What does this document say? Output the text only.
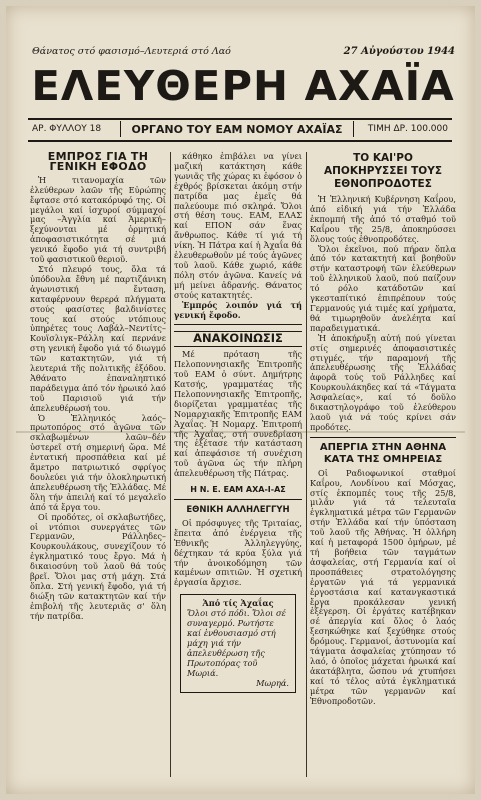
Θάνατος στό φασισμό–Λευτεριά στό Λαό	27 Αὐγούστου 1944
ΕΛΕΥΘΕΡΗ ΑΧΑΪΑ
ΑΡ. ΦΥΛΛΟΥ 18	ΟΡΓΑΝΟ ΤΟΥ ΕΑΜ ΝΟΜΟΥ ΑΧΑΪΑΣ	ΤΙΜΗ ΔΡ. 100.000
ΕΜΠΡΟΣ ΓΙΑ ΤΗ ΓΕΝΙΚΗ ΕΦΟΔΟ

Ἡ τιτανομαχία τῶν ἐλεύθερων λαῶν τῆς Εὐρώπης ἔφτασε στό κατακόρυφό της. Οἱ μεγάλοι καί ἰσχυροί σύμμαχοί μας –Ἀγγλία καί Ἀμερική– ξεχύνονται μέ ὁρμητική ἀποφασιστικότητα σέ μιά γενικό ἔφοδο γιά τή συντριβή τοῦ φασιστικοῦ θεριοῦ.

Στό πλευρό τους, ὅλα τά ὑπόδουλα ἔθνη μέ παρτιζάνικη ἀγωνιστική ἔνταση, καταφέρνουν θερερά πλήγματα στούς φασίστες βαλδινίστες τους καί στούς ντόπιους ὑπηρέτες τους Λαβάλ–Νεντίτς–Κουϊσλιγκ–Ράλλη καί περνάνε στη γενική ἔφοδο γιά τό διωγμό τῶν κατακτητῶν, γιά τή λευτεριά τῆς πολιτικῆς ἐξόδου. Ἀθάνατο ἐπαναληπτικό παράδειγμα ἀπό τόν ἡρωικό λαό τοῦ Παρισιοῦ γιά τήν ἀπελευθέρωσή του.

Ὁ Ἑλληνικός λαός–πρωτοπόρος στό ἀγῶνα τῶν σκλαβωμένων λαῶν–δέν ὑστερεῖ στή σημερινή ὥρα. Μέ ἐντατική προσπάθεια καί μέ ἄμετρο πατριωτικό σφρίγος δουλεύει γιά τήν ὁλοκληρωτική ἀπελευθέρωση τῆς Ἑλλάδας. Μέ ὅλη τήν ἀπειλή καί τό μεγαλεῖο ἀπό τά ἔργα του.

Οἱ προδότες, οἱ σκλαβωτήδες, οἱ ντόπιοι συνεργάτες τῶν Γερμανῶν, Ράλληδες–Κουρκουλάκους, συνεχίζουν τό ἐγκληματικό τους ἔργο. Μά ἡ δικαιοσύνη τοῦ λαοῦ θά τούς βρεῖ. Ὅλοι μας στή μάχη. Στά ὅπλα. Στή γενική ἔφοδο, γιά τή διώξη τῶν κατακτητῶν καί τήν ἐπιβολή τῆς λευτεριᾶς σ' ὅλη τήν πατρίδα.

κάθηκο ἐπιβάλει να γίνει μαζική κατάκτηση κάθε γωνιᾶς τῆς χώρας κι ἐφόσον ὁ ἐχθρός βρίσκεται ἀκόμη στήν πατρίδα μας ἐμεῖς θά παλεύουμε πιό σκληρά. Ὅλοι στή θέση τους. ΕΑΜ, ΕΛΑΣ καί ΕΠΟΝ σάν ἕνας ἄνθρωπος. Κάθε τί γιά τή νίκη. Ἡ Πάτρα καί ἡ Ἀχαΐα θά ἐλευθερωθοῦν μέ τούς ἀγῶνες τοῦ λαοῦ. Κάθε χωριό, κάθε πόλη στόν ἀγῶνα. Κανείς νά μή μείνει ἀδρανής. Θάνατος στούς κατακτητές.

Ἐμπρός λοιπόν γιά τή γενική ἔφοδο.

ΑΝΑΚΟΙΝΩΣΙΣ

Μέ πρόταση τῆς Πελοποννησιακῆς Ἐπιτροπῆς τοῦ ΕΑΜ ὁ σύντ. Δημήτρης Κατσής, γραμματέας τῆς Πελοποννησιακῆς Ἐπιτροπῆς, διορίζεται γραμματέας τῆς Νομαρχιακῆς Ἐπιτροπῆς ΕΑΜ Ἀχαΐας. Ἡ Νομαρχ. Ἐπιτροπή τῆς Ἀχαΐας, στή συνεδρίαση της ἐξέτασε τήν κατάσταση καί ἀπεφάσισε τή συνέχιση τοῦ ἀγῶνα ὡς τήν πλήρη ἀπελευθέρωση τῆς Πάτρας.

Η Ν. Ε. ΕΑΜ ΑΧΑ-Ι-ΑΣ
ΕΘΝΙΚΗ ΑΛΛΗΛΕΓΓΥΗ

Οἱ πρόσφυγες τῆς Τριταίας, ἔπειτα ἀπό ἐνέργεια τῆς Ἐθνικῆς Ἀλληλεγγύης, δέχτηκαν τά κρύα ξύλα γιά τήν ἀνοικοδόμηση τῶν καμένων σπιτιῶν. Ἡ σχετική ἐργασία ἄρχισε.

Ἀπό τίς Ἀχαΐας
Ὅλοι στό πόδι. Ὅλοι σέ συναγερμό. Ρωτήστε καί ἐνθουσιασμό στή μάχη γιά τήν ἀπελευθέρωση τῆς Πρωτοπόρας τοῦ Μωριά.
Μωρηά.
ΤΟ ΚΑΙ'ΡΟ ΑΠΟΚΗΡΥΣΣΕΙ ΤΟΥΣ ΕΘΝΟΠΡΟΔΟΤΕΣ

Ἡ Ἑλληνική Κυβέρνηση Καΐρου, ἀπό εἰδική γιά τήν Ἑλλάδα ἐκπομπή τῆς ἀπό τό σταθμό τοῦ Καΐρου τῆς 25/8, ἀποκηρύσσει ὅλους τούς ἐθνοπροδότες.

Ὅλοι ἐκεῖνοι, πού πήραν ὅπλα ἀπό τόν κατακτητή καί βοηθοῦν στήν καταστροφή τῶν ἐλεύθερων τοῦ ἑλληνικοῦ λαοῦ, πού παίζουν τό ρόλο κατάδοτῶν καί γκεσταπίτικό ἐπιπρέπουν τούς Γερμανούς γιά τιμές καί χρήματα, θά τιμωρηθοῦν ἀνελέητα καί παραδειγματικά.

Ἡ ἀποκήρυξη αὐτή πού γίνεται στίς σημερινές ἀποφασιστικές στιγμές, τήν παραμονή τῆς ἀπελευθέρωσης τῆς Ἑλλάδας ἀφορᾶ τούς τοῦ Ράλληδες καί Κουρκουλάκηδες καί τά «Τάγματα Ἀσφαλείας», καί τό δοῦλο δικαστηλογράφο τοῦ ἐλεύθερου λαοῦ γιά νά τούς κρίνει σάν προδότες.

ΑΠΕΡΓΙΑ ΣΤΗΝ ΑΘΗΝΑ ΚΑΤΑ ΤΗΣ ΟΜΗΡΕΙΑΣ

Οἱ Ραδιοφωνικοί σταθμοί Καΐρου, Λονδίνου καί Μόσχας, στίς ἐκπομπές τους τῆς 25/8, μιλᾶν γιά τά τελευταῖα ἐγκληματικά μέτρα τῶν Γερμανῶν στήν Ἑλλάδα καί τήν ὑπόσταση τοῦ λαοῦ τῆς Ἀθήνας. Ἡ ὀλλήρη καί ἡ μεταφορά 1500 ὁμήρων, μέ τή βοήθεια τῶν ταγμάτων ἀσφαλείας, στή Γερμανία καί οἱ προσπάθειες στρατολόγησης ἐργατῶν γιά τά γερμανικά ἐργοστάσια καί κατανγκαστικά ἔργα προκάλεσαν γενική ἐξέγερση. Οἱ ἐργάτες κατέβηκαν σέ ἀπεργία καί ὅλος ὁ λαός ξεσηκώθηκε καί ξεχύθηκε στούς δρόμους. Γερμανοί, ἀστυνομία καί τάγματα ἀσφαλείας χτύπησαν τό λαό, ὁ ὁποῖος μάχεται ἡρωικά καί ἀκατάβλητα, ὥσπου νά χτυπήσει καί τό τέλος αὐτά ἐγκληματικά μέτρα τῶν γερμανῶν καί Ἐθνοπροδοτῶν.
